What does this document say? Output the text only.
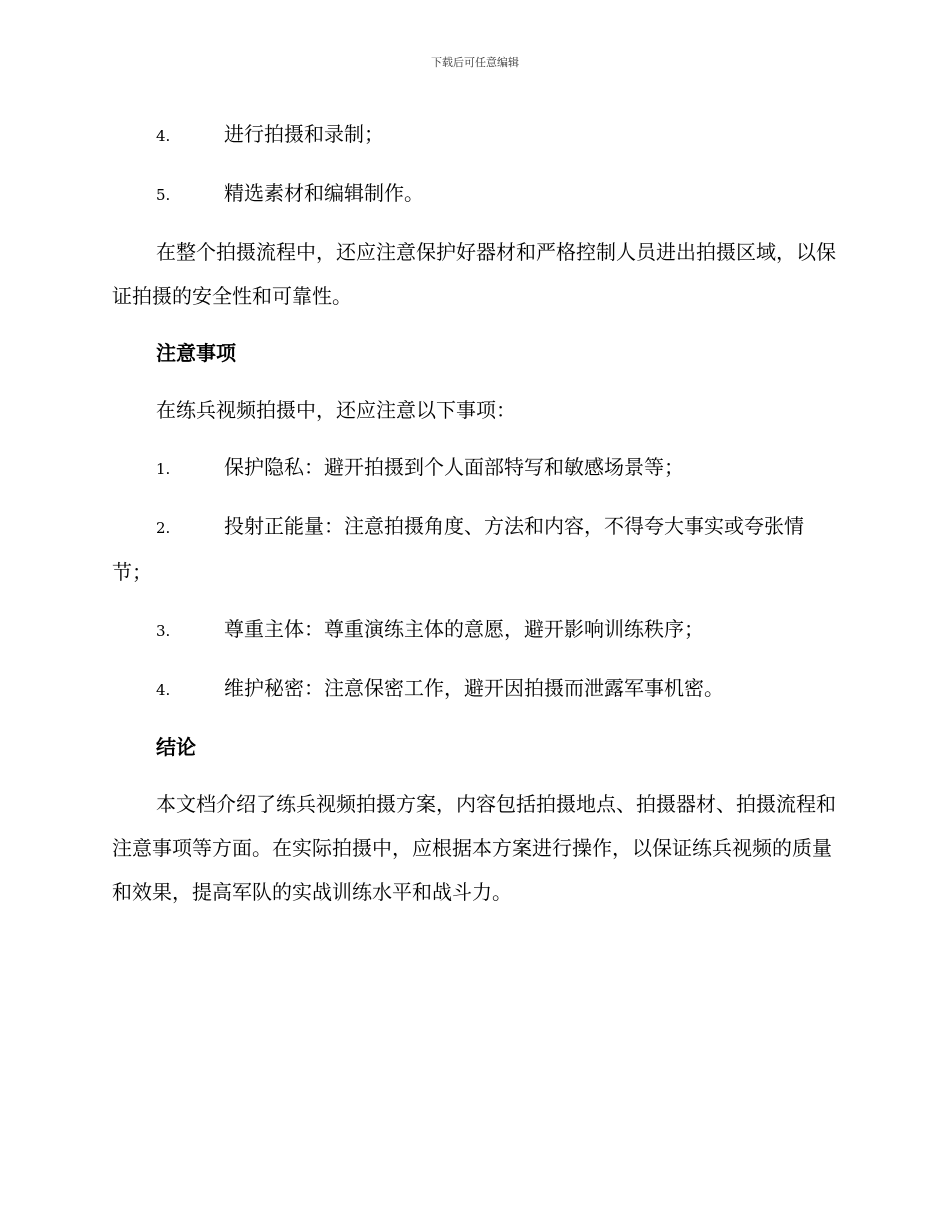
下载后可任意编辑
4.	进行拍摄和录制；
5.	精选素材和编辑制作。

在整个拍摄流程中，还应注意保护好器材和严格控制人员进出拍摄区域，以保证拍摄的安全性和可靠性。

注意事项

在练兵视频拍摄中，还应注意以下事项：

1.	保护隐私：避开拍摄到个人面部特写和敏感场景等；
2.	投射正能量：注意拍摄角度、方法和内容，不得夸大事实或夸张情节；
3.	尊重主体：尊重演练主体的意愿，避开影响训练秩序；
4.	维护秘密：注意保密工作，避开因拍摄而泄露军事机密。
结论

本文档介绍了练兵视频拍摄方案，内容包括拍摄地点、拍摄器材、拍摄流程和注意事项等方面。在实际拍摄中，应根据本方案进行操作，以保证练兵视频的质量和效果，提高军队的实战训练水平和战斗力。
